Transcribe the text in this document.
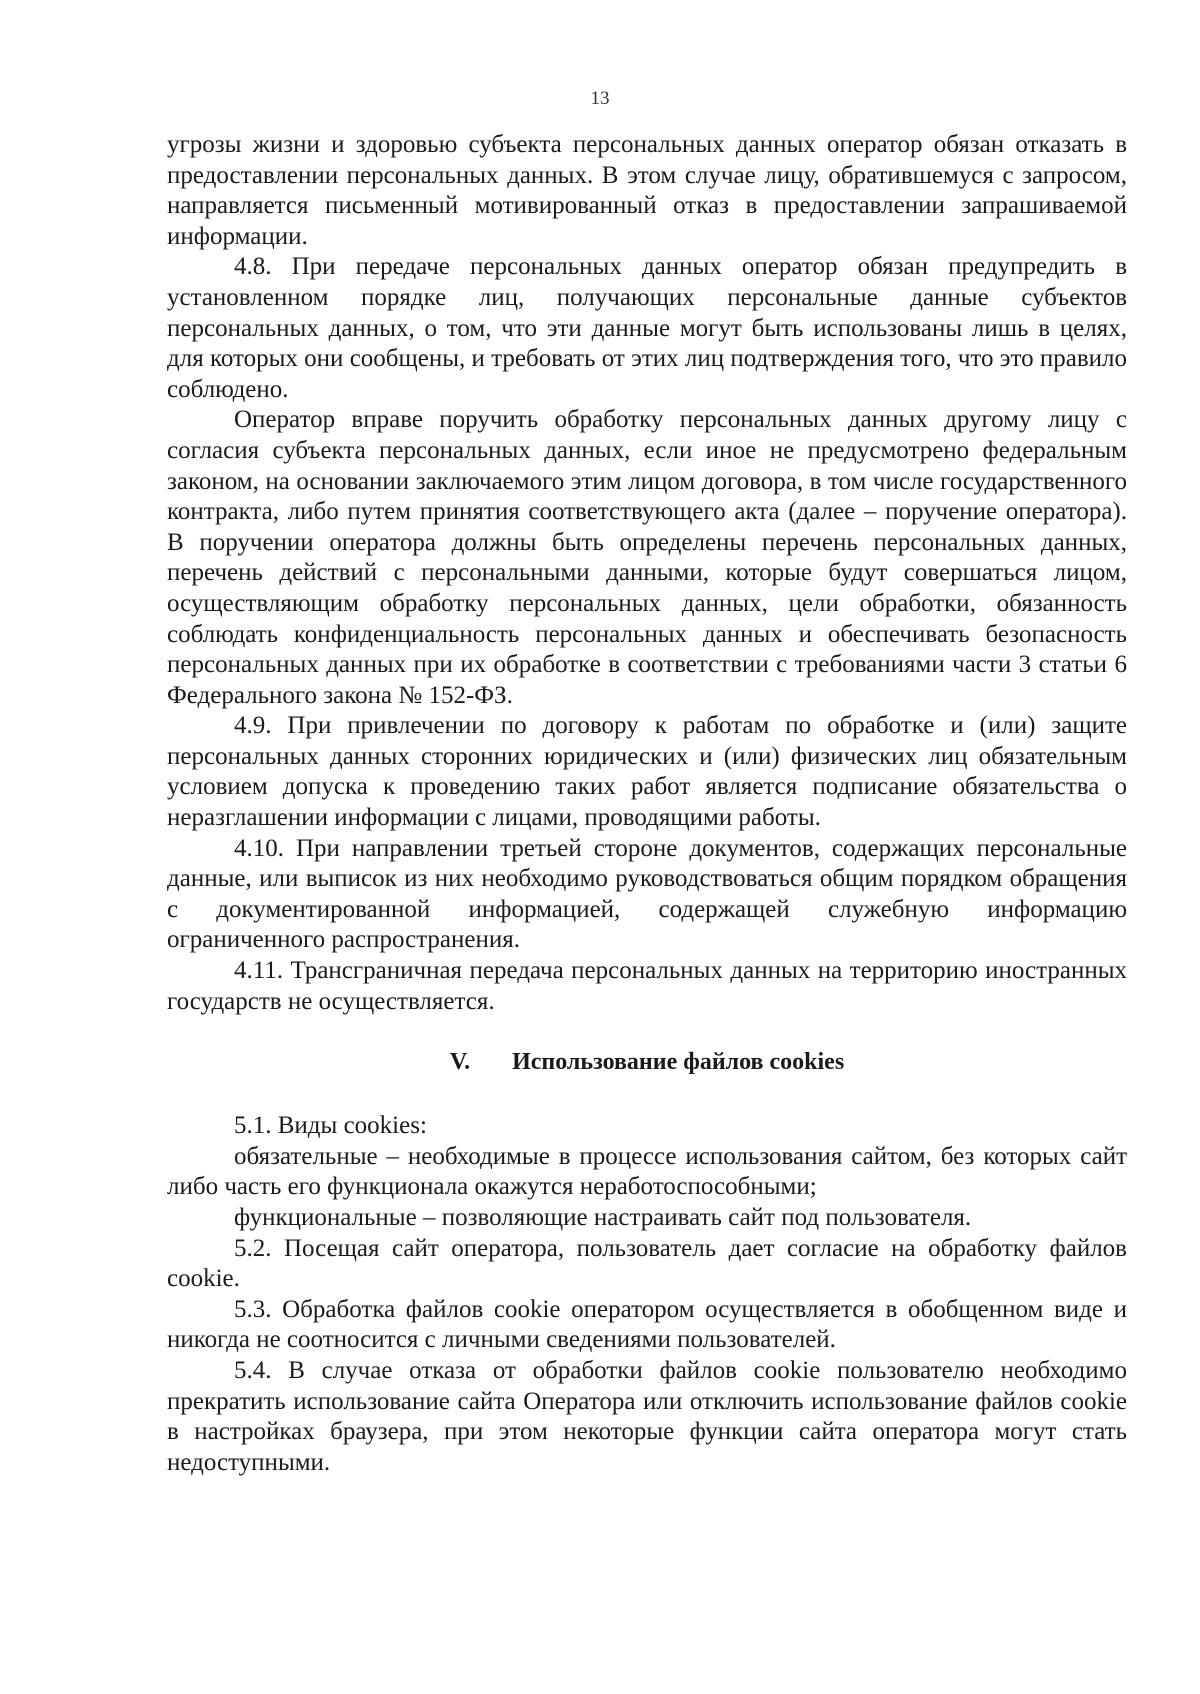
13

угрозы жизни и здоровью субъекта персональных данных оператор обязан отказать в предоставлении персональных данных. В этом случае лицу, обратившемуся с запросом, направляется письменный мотивированный отказ в предоставлении запрашиваемой информации.

4.8. При передаче персональных данных оператор обязан предупредить в установленном порядке лиц, получающих персональные данные субъектов персональных данных, о том, что эти данные могут быть использованы лишь в целях, для которых они сообщены, и требовать от этих лиц подтверждения того, что это правило соблюдено.

Оператор вправе поручить обработку персональных данных другому лицу с согласия субъекта персональных данных, если иное не предусмотрено федеральным законом, на основании заключаемого этим лицом договора, в том числе государственного контракта, либо путем принятия соответствующего акта (далее – поручение оператора). В поручении оператора должны быть определены перечень персональных данных, перечень действий с персональными данными, которые будут совершаться лицом, осуществляющим обработку персональных данных, цели обработки, обязанность соблюдать конфиденциальность персональных данных и обеспечивать безопасность персональных данных при их обработке в соответствии с требованиями части 3 статьи 6 Федерального закона № 152-ФЗ.

4.9. При привлечении по договору к работам по обработке и (или) защите персональных данных сторонних юридических и (или) физических лиц обязательным условием допуска к проведению таких работ является подписание обязательства о неразглашении информации с лицами, проводящими работы.

4.10. При направлении третьей стороне документов, содержащих персональные данные, или выписок из них необходимо руководствоваться общим порядком обращения с документированной информацией, содержащей служебную информацию ограниченного распространения.

4.11. Трансграничная передача персональных данных на территорию иностранных государств не осуществляется.

V. Использование файлов cookies

5.1. Виды cookies:

обязательные – необходимые в процессе использования сайтом, без которых сайт либо часть его функционала окажутся неработоспособными;

функциональные – позволяющие настраивать сайт под пользователя.

5.2. Посещая сайт оператора, пользователь дает согласие на обработку файлов cookie.

5.3. Обработка файлов cookie оператором осуществляется в обобщенном виде и никогда не соотносится с личными сведениями пользователей.

5.4. В случае отказа от обработки файлов cookie пользователю необходимо прекратить использование сайта Оператора или отключить использование файлов cookie в настройках браузера, при этом некоторые функции сайта оператора могут стать недоступными.
